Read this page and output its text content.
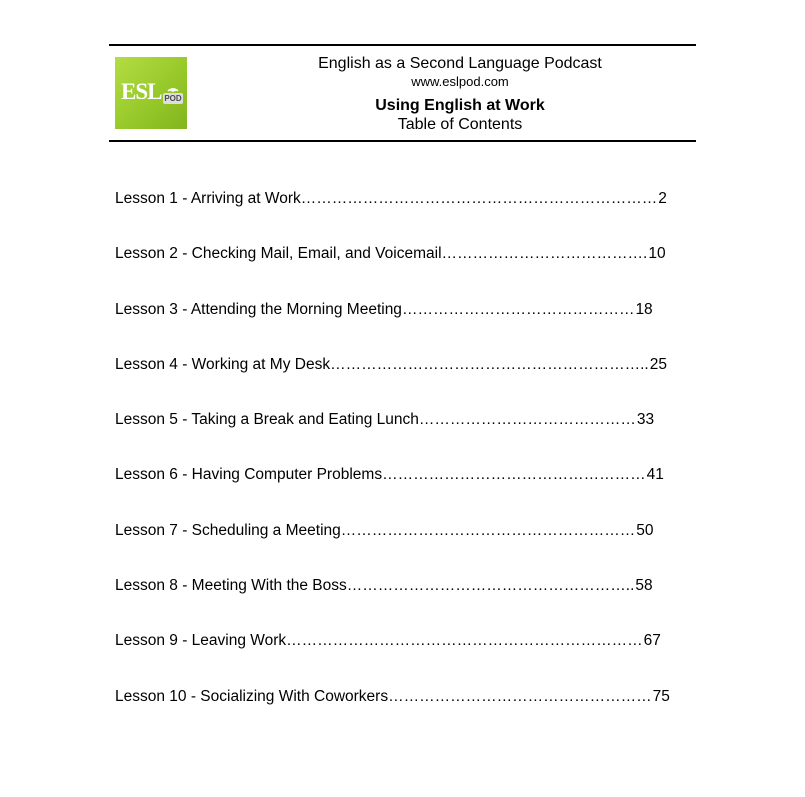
ESL POD
English as a Second Language Podcast
www.eslpod.com
Using English at Work
Table of Contents
Lesson 1 - Arriving at Work……………………………………………………………2
Lesson 2 - Checking Mail, Email, and Voicemail………………………………….10
Lesson 3 - Attending the Morning Meeting………………………………………18
Lesson 4 - Working at My Desk……………………………………………………..25
Lesson 5 - Taking a Break and Eating Lunch……………………………………33
Lesson 6 - Having Computer Problems……………………………………………41
Lesson 7 - Scheduling a Meeting…………………………………………………50
Lesson 8 - Meeting With the Boss………………………………………………..58
Lesson 9 - Leaving Work……………………………………………………………67
Lesson 10 - Socializing With Coworkers……………………………………………75
